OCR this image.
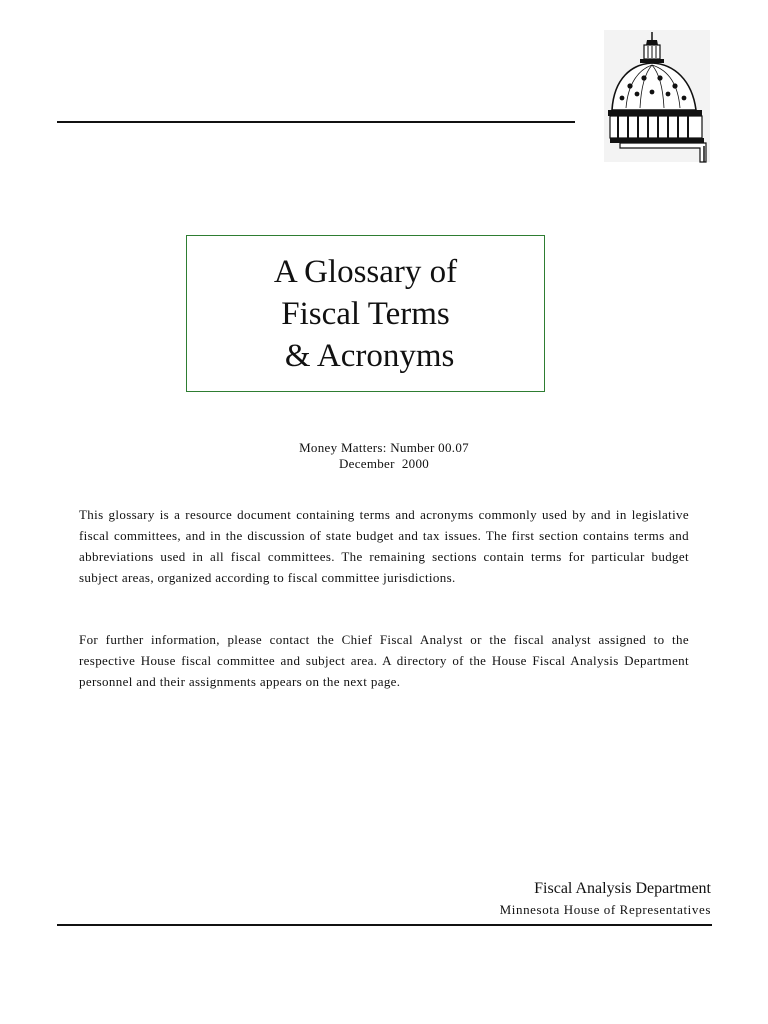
A Glossary of
Fiscal Terms
& Acronyms
Money Matters: Number 00.07
December  2000

This glossary is a resource document containing terms and acronyms commonly used by and in legislative fiscal committees, and in the discussion of state budget and tax issues. The first section contains terms and abbreviations used in all fiscal committees. The remaining sections contain terms for particular budget subject areas, organized according to fiscal committee jurisdictions.

For further information, please contact the Chief Fiscal Analyst or the fiscal analyst assigned to the respective House fiscal committee and subject area. A directory of the House Fiscal Analysis Department personnel and their assignments appears on the next page.

Fiscal Analysis Department
Minnesota House of Representatives
